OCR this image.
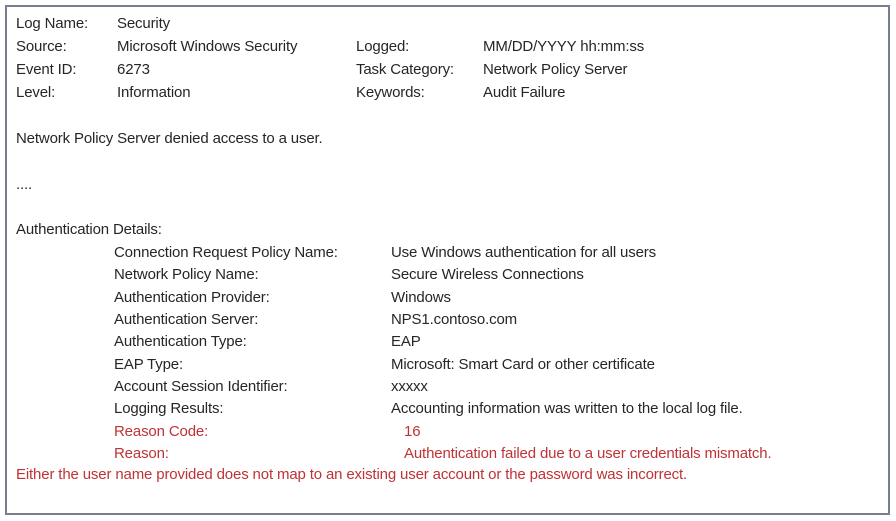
Log Name: Security
Source:	Microsoft Windows Security	Logged:	MM/DD/YYYY hh:mm:ss
Event ID:	6273	Task Category: Network Policy Server
Level:	Information	Keywords:	Audit Failure
Network Policy Server denied access to a user.
....
Authentication Details:
Connection Request Policy Name:	Use Windows authentication for all users
Network Policy Name:	Secure Wireless Connections
Authentication Provider:	Windows
Authentication Server:	NPS1.contoso.com
Authentication Type:	EAP
EAP Type:	Microsoft: Smart Card or other certificate
Account Session Identifier:	xxxxx
Logging Results:	Accounting information was written to the local log file.
Reason Code:	16
Reason:	Authentication failed due to a user credentials mismatch.
Either the user name provided does not map to an existing user account or the password was incorrect.
